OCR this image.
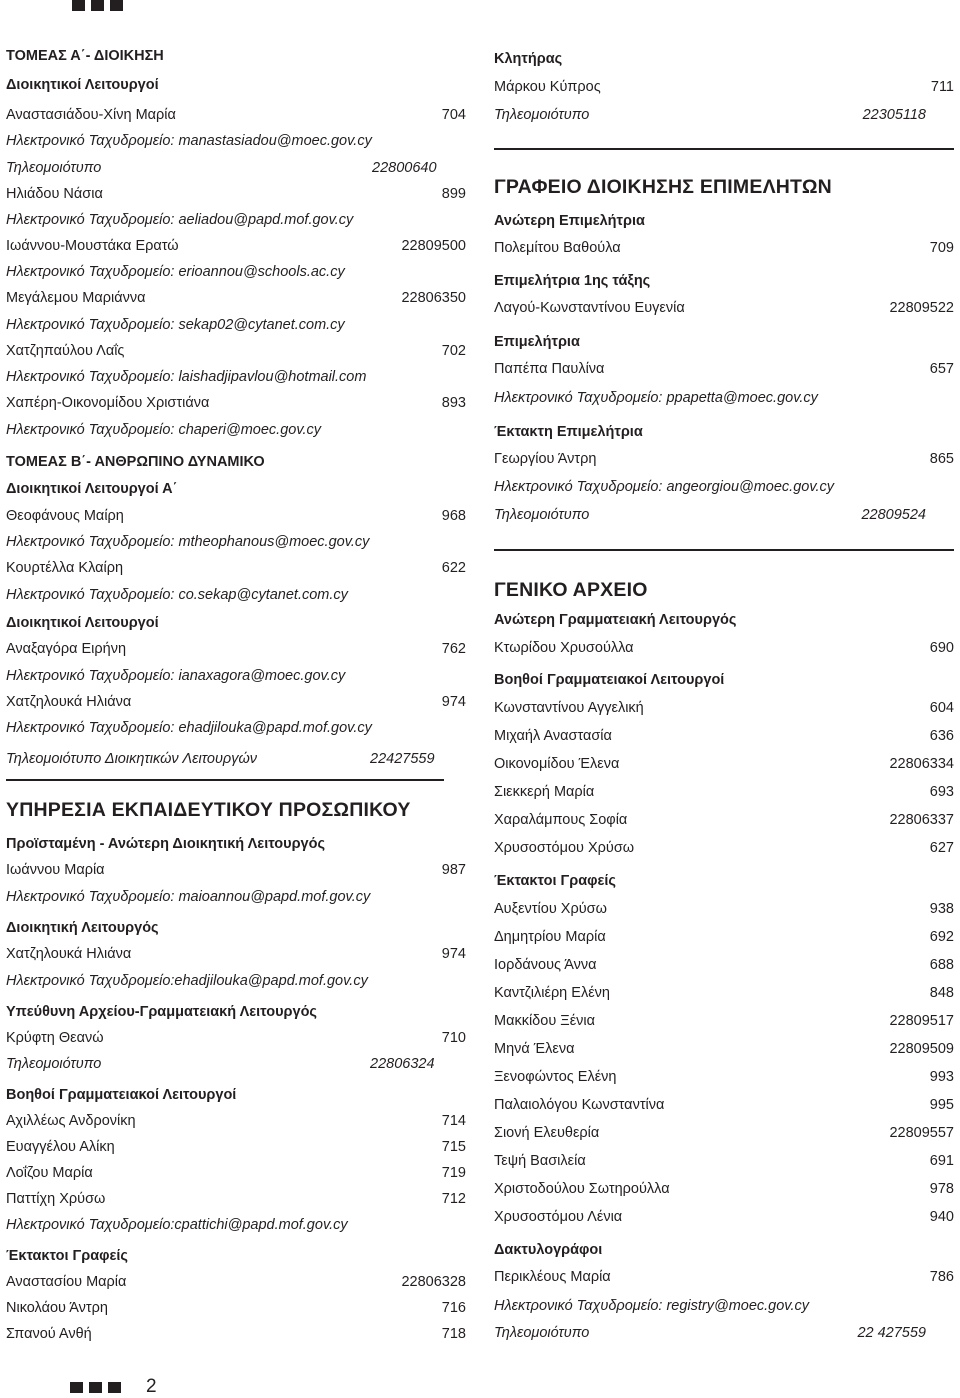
ΤΟΜΕΑΣ Α΄- ΔΙΟΙΚΗΣΗ
Διοικητικοί Λειτουργοί
Αναστασιάδου-Χίνη Μαρία	704
Ηλεκτρονικό Ταχυδρομείο: manastasiadou@moec.gov.cy
Τηλεομοιότυπο	22800640
Ηλιάδου Νάσια	899
Ηλεκτρονικό Ταχυδρομείο: aeliadou@papd.mof.gov.cy
Ιωάννου-Μουστάκα Ερατώ	22809500
Ηλεκτρονικό Ταχυδρομείο: erioannou@schools.ac.cy
Μεγάλεμου Μαριάννα	22806350
Ηλεκτρονικό Ταχυδρομείο: sekap02@cytanet.com.cy
Χατζηπαύλου Λαΐς	702
Ηλεκτρονικό Ταχυδρομείο: laishadjipavlou@hotmail.com
Χαπέρη-Οικονομίδου Χριστιάνα	893
Ηλεκτρονικό Ταχυδρομείο: chaperi@moec.gov.cy
ΤΟΜΕΑΣ Β΄- ΑΝΘΡΩΠΙΝΟ ΔΥΝΑΜΙΚΟ
Διοικητικοί Λειτουργοί Α΄
Θεοφάνους Μαίρη	968
Ηλεκτρονικό Ταχυδρομείο: mtheophanous@moec.gov.cy
Κουρτέλλα Κλαίρη	622
Ηλεκτρονικό Ταχυδρομείο: co.sekap@cytanet.com.cy
Διοικητικοί Λειτουργοί
Αναξαγόρα Ειρήνη	762
Ηλεκτρονικό Ταχυδρομείο: ianaxagora@moec.gov.cy
Χατζηλουκά Ηλιάνα	974
Ηλεκτρονικό Ταχυδρομείο: ehadjilouka@papd.mof.gov.cy
Τηλεομοιότυπο Διοικητικών Λειτουργών	22427559
ΥΠΗΡΕΣΙΑ ΕΚΠΑΙΔΕΥΤΙΚΟΥ ΠΡΟΣΩΠΙΚΟΥ
Προϊσταμένη - Ανώτερη Διοικητική Λειτουργός
Ιωάννου Μαρία	987
Ηλεκτρονικό Ταχυδρομείο: maioannou@papd.mof.gov.cy
Διοικητική Λειτουργός
Χατζηλουκά Ηλιάνα	974
Ηλεκτρονικό Ταχυδρομείο:ehadjilouka@papd.mof.gov.cy
Υπεύθυνη Αρχείου-Γραμματειακή Λειτουργός
Κρύφτη Θεανώ	710
Τηλεομοιότυπο	22806324
Βοηθοί Γραμματειακοί Λειτουργοί
Αχιλλέως Ανδρονίκη	714
Ευαγγέλου Αλίκη	715
Λοΐζου Μαρία	719
Παττίχη Χρύσω	712
Ηλεκτρονικό Ταχυδρομείο:cpattichi@papd.mof.gov.cy
Έκτακτοι Γραφείς
Αναστασίου Μαρία	22806328
Νικολάου Άντρη	716
Σπανού Ανθή	718
Κλητήρας
Μάρκου Κύπρος	711
Τηλεομοιότυπο	22305118
ΓΡΑΦΕΙΟ ΔΙΟΙΚΗΣΗΣ ΕΠΙΜΕΛΗΤΩΝ
Ανώτερη Επιμελήτρια
Πολεμίτου Βαθούλα	709
Επιμελήτρια 1ης τάξης
Λαγού-Κωνσταντίνου Ευγενία	22809522
Επιμελήτρια
Παπέπα Παυλίνα	657
Ηλεκτρονικό Ταχυδρομείο: ppapetta@moec.gov.cy
Έκτακτη Επιμελήτρια
Γεωργίου Άντρη	865
Ηλεκτρονικό Ταχυδρομείο: angeorgiou@moec.gov.cy
Τηλεομοιότυπο	22809524
ΓΕΝΙΚΟ ΑΡΧΕΙΟ
Ανώτερη Γραμματειακή Λειτουργός
Κτωρίδου Χρυσούλλα	690
Βοηθοί Γραμματειακοί Λειτουργοί
Κωνσταντίνου Αγγελική	604
Μιχαήλ Αναστασία	636
Οικονομίδου Έλενα	22806334
Σιεκκερή Μαρία	693
Χαραλάμπους Σοφία	22806337
Χρυσοστόμου Χρύσω	627
Έκτακτοι Γραφείς
Αυξεντίου Χρύσω	938
Δημητρίου Μαρία	692
Ιορδάνους Άννα	688
Καντζιλιέρη Ελένη	848
Μακκίδου Ξένια	22809517
Μηνά Έλενα	22809509
Ξενοφώντος Ελένη	993
Παλαιολόγου Κωνσταντίνα	995
Σιονή Ελευθερία	22809557
Τεψή Βασιλεία	691
Χριστοδούλου Σωτηρούλλα	978
Χρυσοστόμου Λένια	940
Δακτυλογράφοι
Περικλέους Μαρία	786
Ηλεκτρονικό Ταχυδρομείο: registry@moec.gov.cy
Τηλεομοιότυπο	22 427559
2
